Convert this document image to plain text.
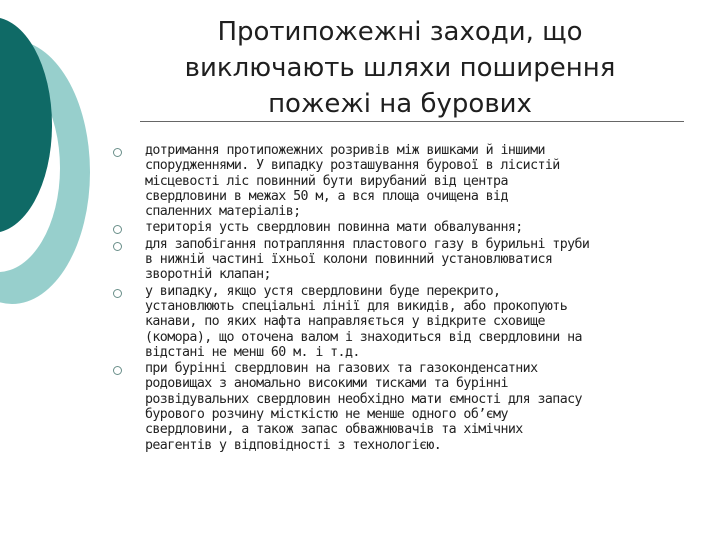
Протипожежні заходи, що
виключають шляхи поширення
пожежі на бурових
дотримання протипожежних розривів між вишками й іншими
спорудженнями. У випадку розташування бурової в лісистій
місцевості ліс повинний бути вирубаний від центра
свердловини в межах 50 м, а вся площа очищена від
спаленних матеріалів;
територія усть свердловин повинна мати обвалування;
для запобігання потрапляння пластового газу в бурильні труби
в нижній частині їхньої колони повинний установлюватися
зворотній клапан;
у випадку, якщо устя свердловини буде перекрито,
установлюють спеціальні лінії для викидів, або прокопують
канави, по яких нафта направляється у відкрите сховище
(комора), що оточена валом і знаходиться від свердловини на
відстані не менш 60 м. і т.д.
при бурінні свердловин на газових та газоконденсатних
родовищах з аномально високими тисками та бурінні
розвідувальних свердловин необхідно мати ємності для запасу
бурового розчину місткістю не менше одного об’єму
свердловини, а також запас обважнювачів та хімічних
реагентів у відповідності з технологією.
